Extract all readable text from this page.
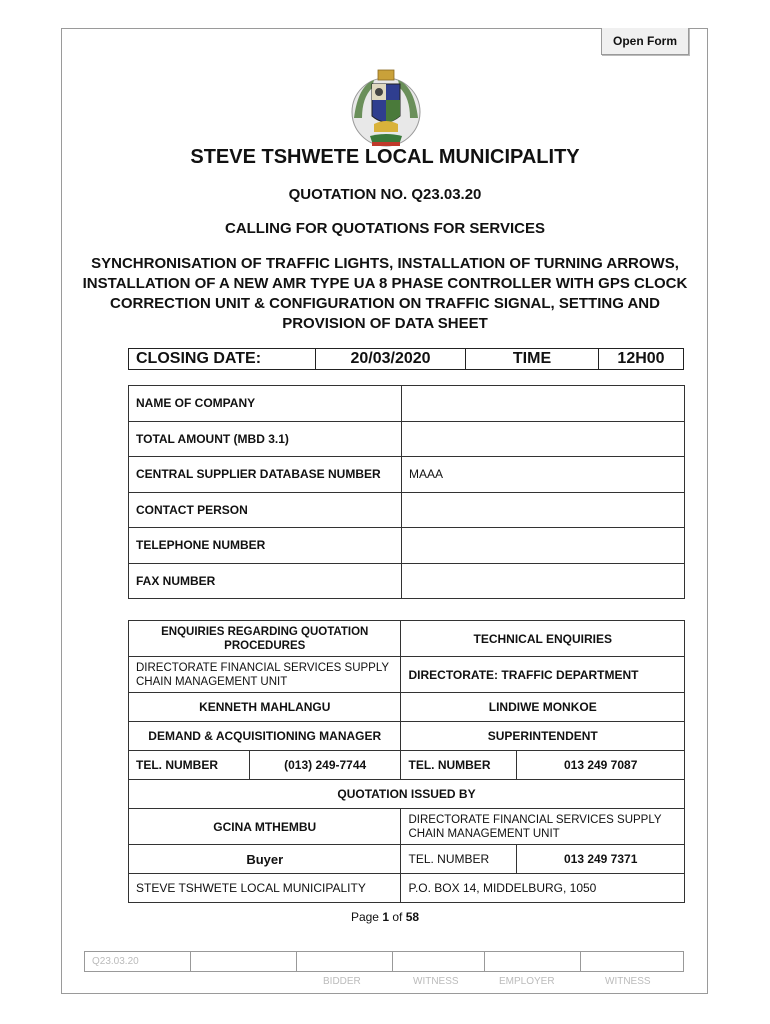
Open Form
STEVE TSHWETE LOCAL MUNICIPALITY
QUOTATION NO. Q23.03.20
CALLING FOR QUOTATIONS FOR SERVICES
SYNCHRONISATION OF TRAFFIC LIGHTS, INSTALLATION OF TURNING ARROWS, INSTALLATION OF A NEW AMR TYPE UA 8 PHASE CONTROLLER WITH GPS CLOCK CORRECTION UNIT & CONFIGURATION ON TRAFFIC SIGNAL, SETTING AND PROVISION OF DATA SHEET
CLOSING DATE:	20/03/2020	TIME	12H00
NAME OF COMPANY	
TOTAL AMOUNT (MBD 3.1)	
CENTRAL SUPPLIER DATABASE NUMBER	MAAA
CONTACT PERSON	
TELEPHONE NUMBER	
FAX NUMBER	
ENQUIRIES REGARDING QUOTATION PROCEDURES		TECHNICAL ENQUIRIES	
DIRECTORATE FINANCIAL SERVICES SUPPLY CHAIN MANAGEMENT UNIT		DIRECTORATE: TRAFFIC DEPARTMENT	
KENNETH MAHLANGU		LINDIWE MONKOE	
DEMAND & ACQUISITIONING MANAGER		SUPERINTENDENT	
TEL. NUMBER	(013) 249-7744	TEL. NUMBER	013 249 7087
QUOTATION ISSUED BY			
GCINA MTHEMBU		DIRECTORATE FINANCIAL SERVICES SUPPLY CHAIN MANAGEMENT UNIT	
Buyer		TEL. NUMBER	013 249 7371
STEVE TSHWETE LOCAL MUNICIPALITY		P.O. BOX 14, MIDDELBURG, 1050	
Page 1 of 58
Q23.03.20					
BIDDER	WITNESS	EMPLOYER	WITNESS
